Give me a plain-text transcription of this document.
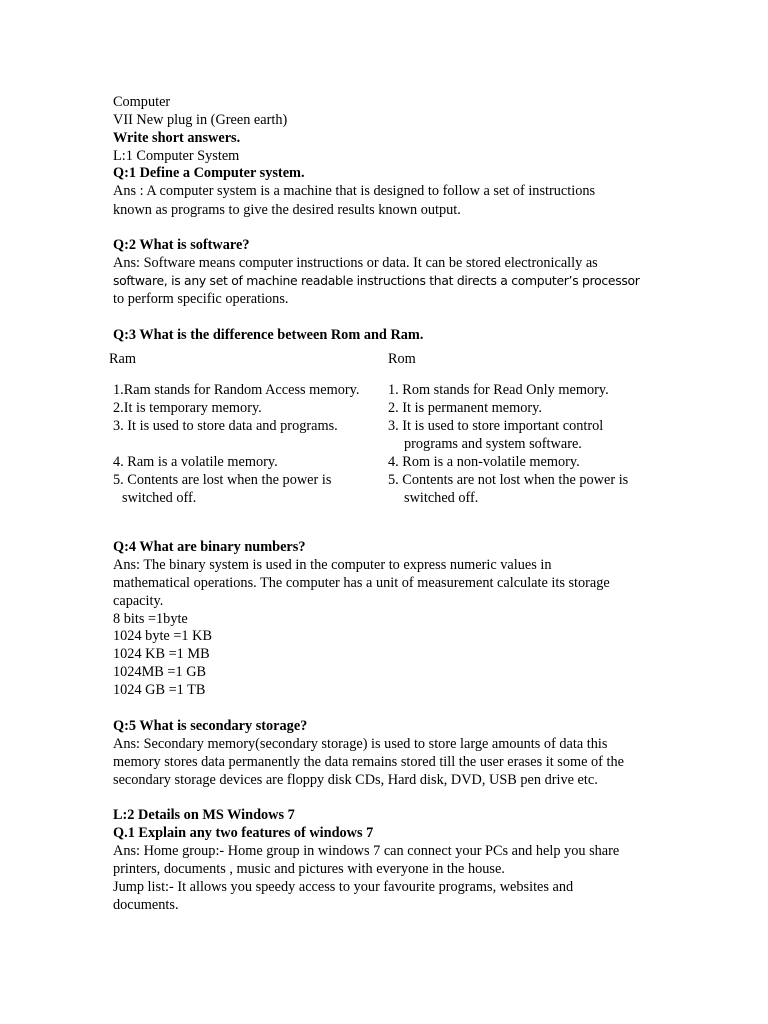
Computer
VII New plug in (Green earth)
Write short answers.
L:1 Computer System
Q:1 Define a Computer system.
Ans : A computer system is a machine that is designed to follow a set of instructions
known as programs to give the desired results known output.
Q:2 What is software?
Ans: Software means computer instructions or data. It can be stored electronically as
software, is any set of machine readable instructions that directs a computer’s processor
to perform specific operations.
Q:3 What is the difference between Rom and Ram.
Ram	Rom
1.Ram stands for Random Access memory.
2.It is temporary memory.
3. It is used to store data and programs.
4. Ram is a volatile memory.
5. Contents are lost when the power is
switched off.
1. Rom stands for Read Only memory.
2. It is permanent memory.
3. It is used to store important control
programs and system software.
4. Rom is a non-volatile memory.
5. Contents are not lost when the power is
switched off.
Q:4 What are binary numbers?
Ans: The binary system is used in the computer to express numeric values in
mathematical operations. The computer has a unit of measurement calculate its storage
capacity.
8 bits =1byte
1024 byte =1 KB
1024 KB =1 MB
1024MB =1 GB
1024 GB =1 TB
Q:5 What is secondary storage?
Ans: Secondary memory(secondary storage) is used to store large amounts of data this
memory stores data permanently the data remains stored till the user erases it some of the
secondary storage devices are floppy disk CDs, Hard disk, DVD, USB pen drive etc.
L:2 Details on MS Windows 7
Q.1 Explain any two features of windows 7
Ans: Home group:- Home group in windows 7 can connect your PCs and help you share
printers, documents , music and pictures with everyone in the house.
Jump list:- It allows you speedy access to your favourite programs, websites and
documents.
